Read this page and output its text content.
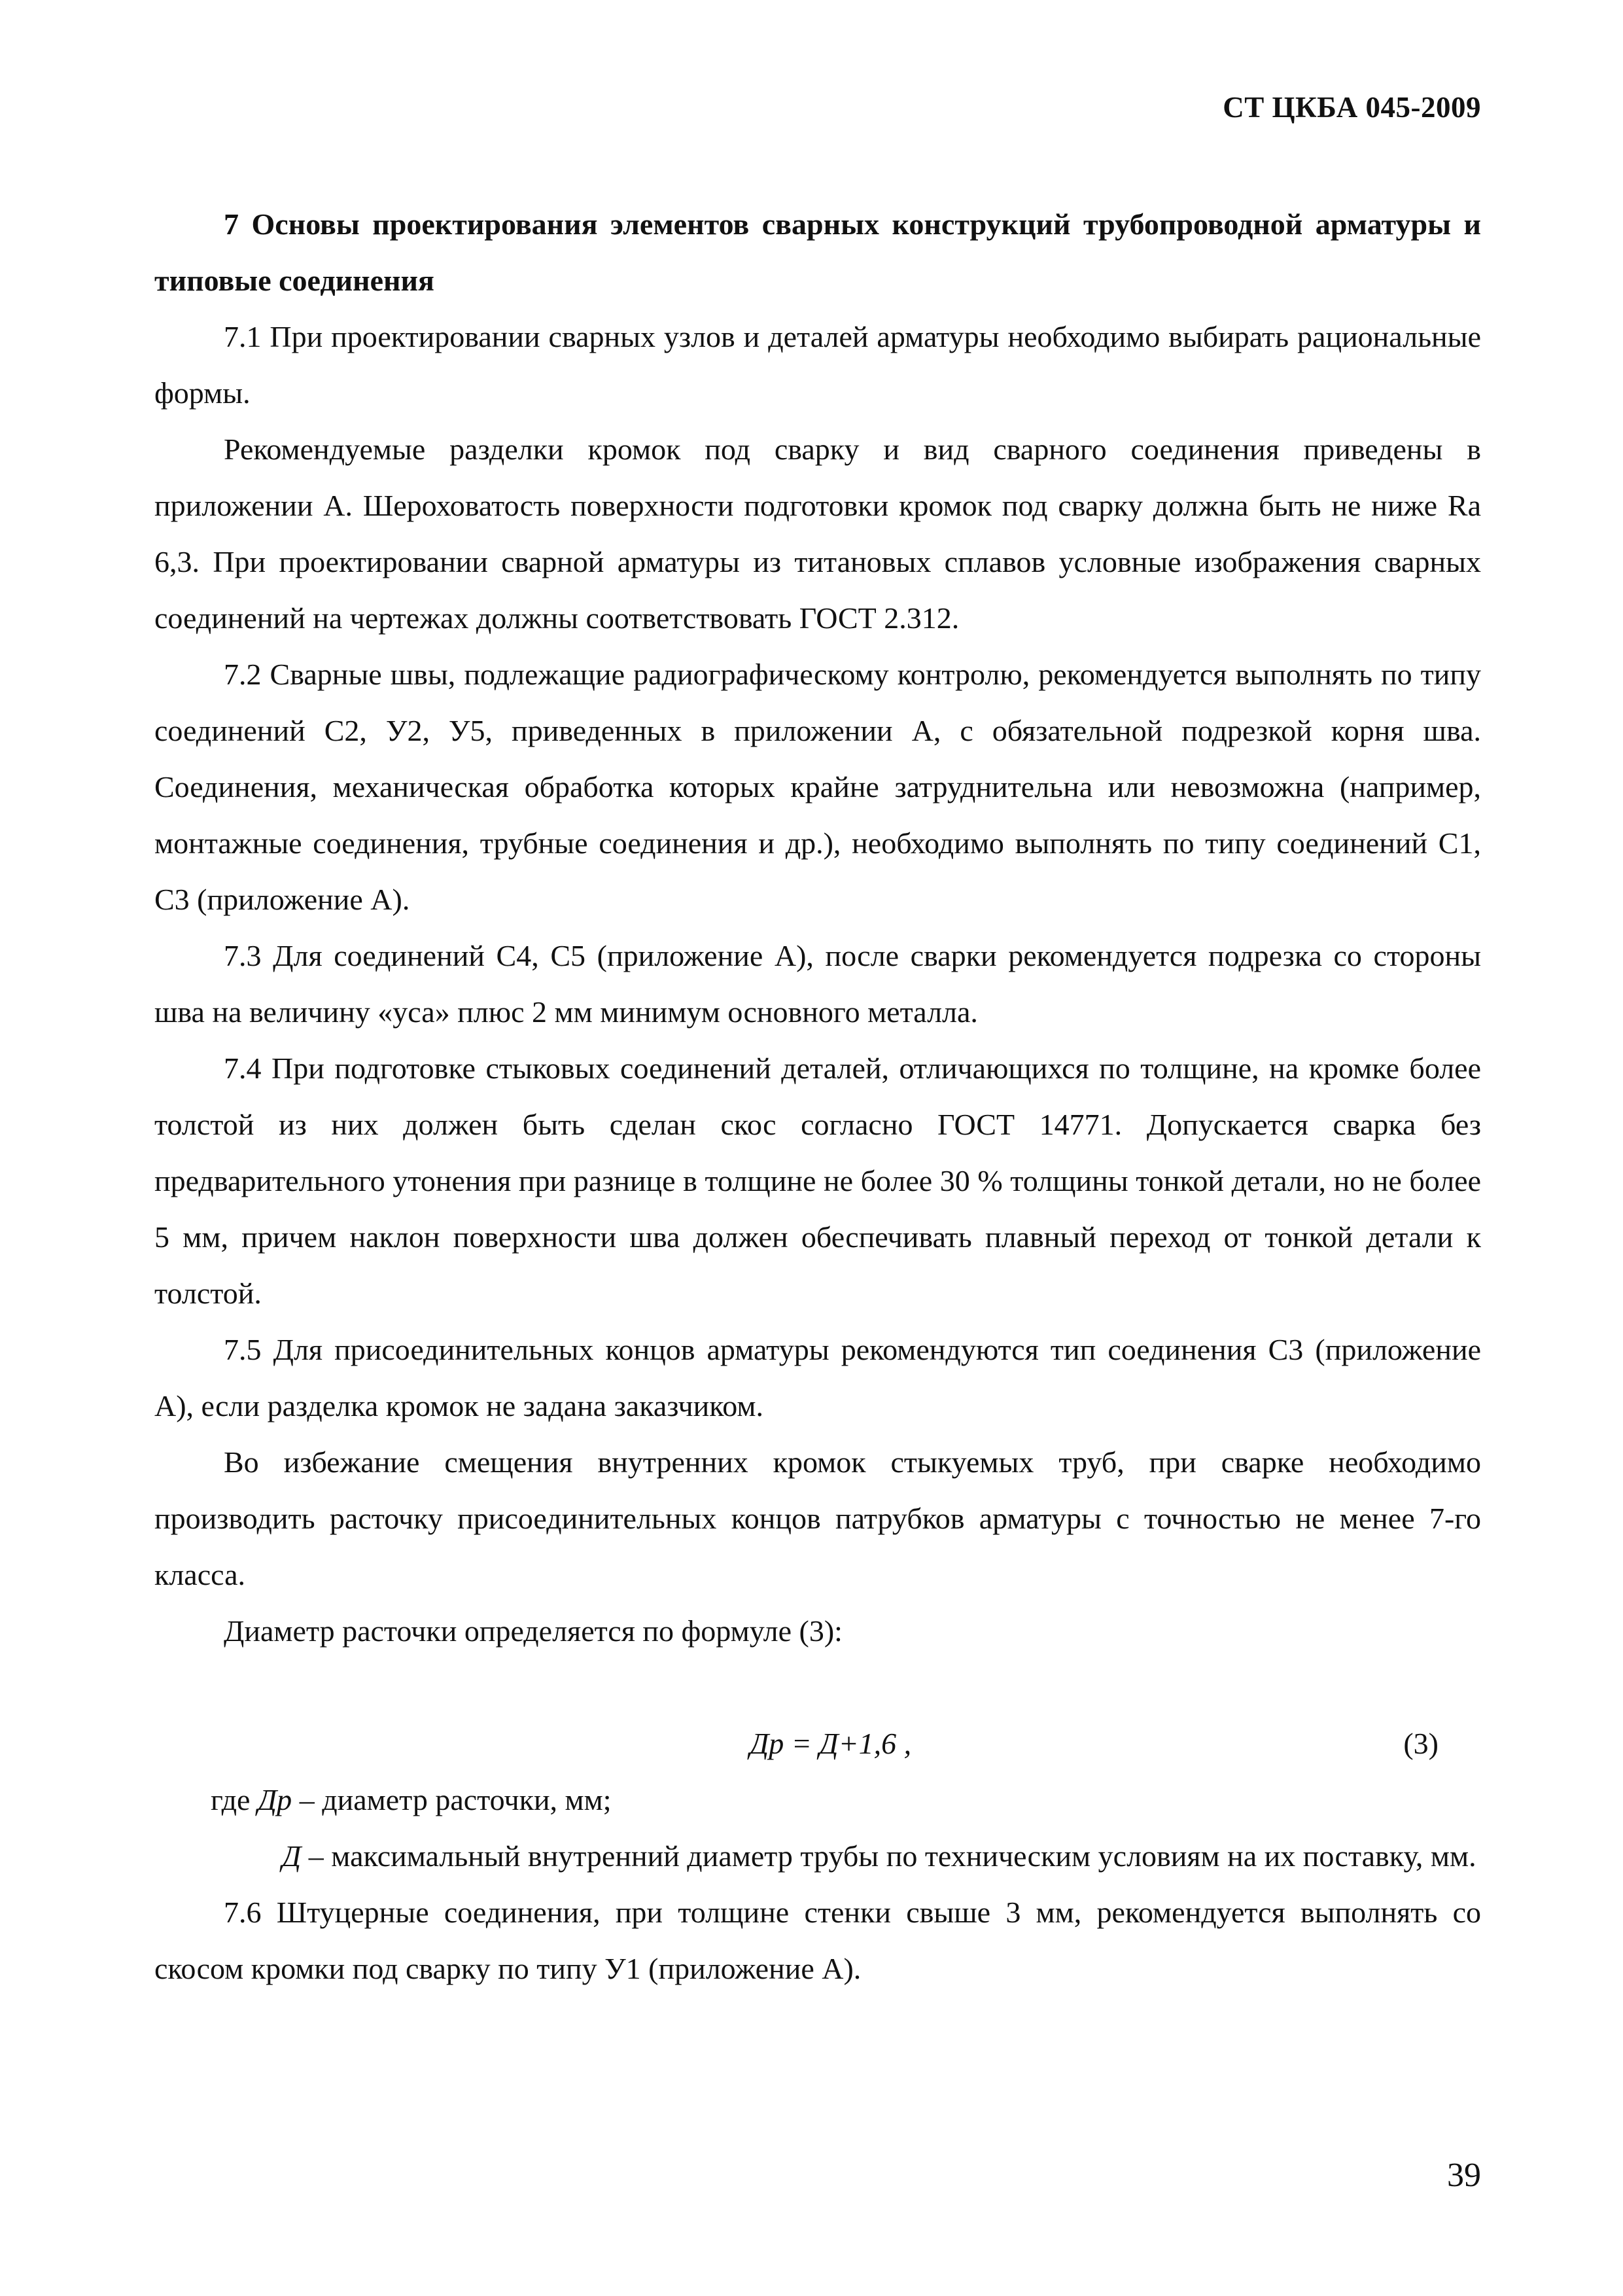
СТ ЦКБА 045-2009

7 Основы проектирования элементов сварных конструкций трубопроводной арматуры и типовые соединения

7.1 При проектировании сварных узлов и деталей арматуры необходимо выбирать рациональные формы.

Рекомендуемые разделки кромок под сварку и вид сварного соединения приведены в приложении А. Шероховатость поверхности подготовки кромок под сварку должна быть не ниже Ra 6,3. При проектировании сварной арматуры из титановых сплавов условные изображения сварных соединений на чертежах должны соответствовать ГОСТ 2.312.

7.2 Сварные швы, подлежащие радиографическому контролю, рекомендуется выполнять по типу соединений С2, У2, У5, приведенных в приложении А, с обязательной подрезкой корня шва. Соединения, механическая обработка которых крайне затруднительна или невозможна (например, монтажные соединения, трубные соединения и др.), необходимо выполнять по типу соединений С1, С3 (приложение А).

7.3 Для соединений С4, С5 (приложение А), после сварки рекомендуется подрезка со стороны шва на величину «уса» плюс 2 мм минимум основного металла.

7.4 При подготовке стыковых соединений деталей, отличающихся по толщине, на кромке более толстой из них должен быть сделан скос согласно ГОСТ 14771. Допускается сварка без предварительного утонения при разнице в толщине не более 30 % толщины тонкой детали, но не более 5 мм, причем наклон поверхности шва должен обеспечивать плавный переход от тонкой детали к толстой.

7.5 Для присоединительных концов арматуры рекомендуются тип соединения С3 (приложение А), если разделка кромок не задана заказчиком.

Во избежание смещения внутренних кромок стыкуемых труб, при сварке необходимо производить расточку присоединительных концов патрубков арматуры с точностью не менее 7-го класса.

Диаметр расточки определяется по формуле (3):

Др = Д+1,6 ,	(3)

где Др – диаметр расточки, мм;

Д – максимальный внутренний диаметр трубы по техническим условиям на их поставку, мм.

7.6 Штуцерные соединения, при толщине стенки свыше 3 мм, рекомендуется выполнять со скосом кромки под сварку по типу У1 (приложение А).

39
